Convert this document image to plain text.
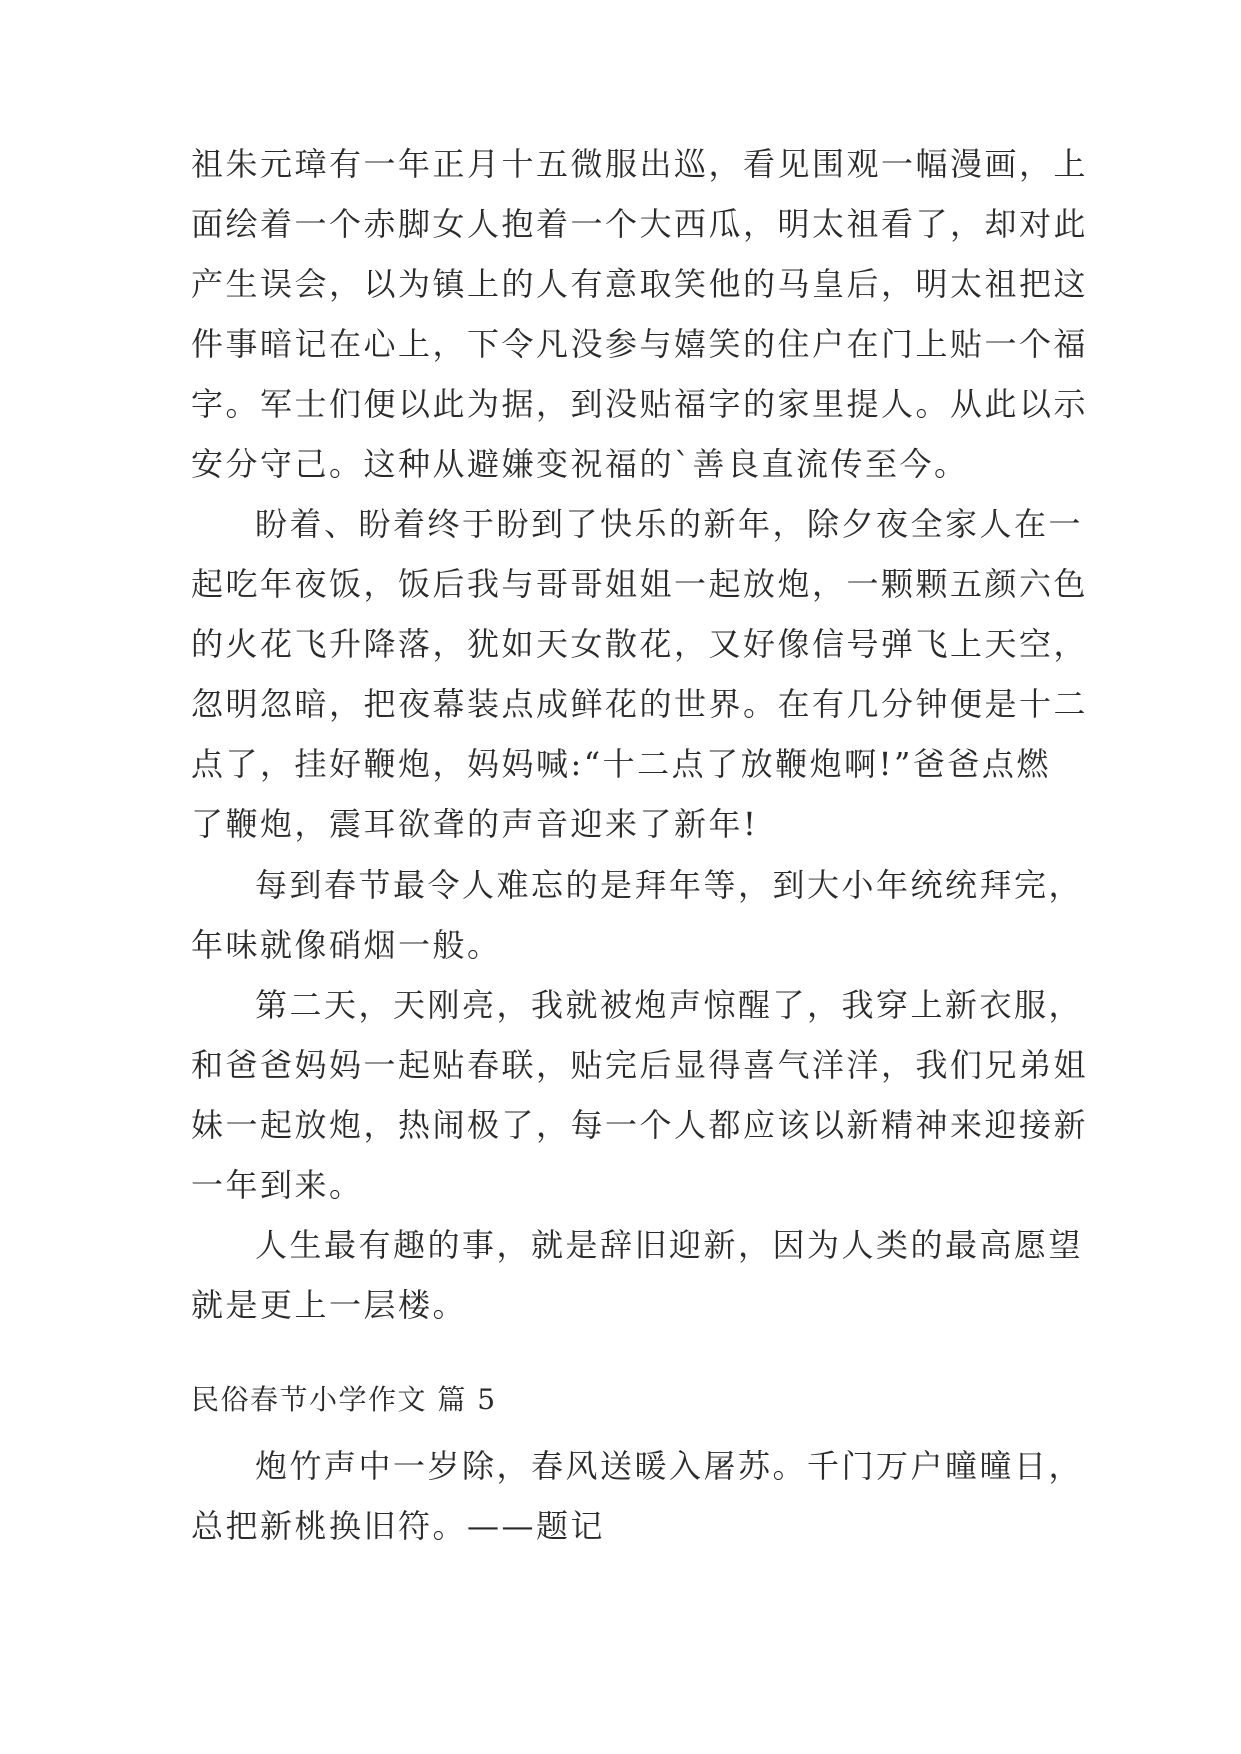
祖朱元璋有一年正月十五微服出巡，看见围观一幅漫画，上
面绘着一个赤脚女人抱着一个大西瓜，明太祖看了，却对此
产生误会，以为镇上的人有意取笑他的马皇后，明太祖把这
件事暗记在心上，下令凡没参与嬉笑的住户在门上贴一个福
字。军士们便以此为据，到没贴福字的家里提人。从此以示
安分守己。这种从避嫌变祝福的`善良直流传至今。
盼着、盼着终于盼到了快乐的新年，除夕夜全家人在一
起吃年夜饭，饭后我与哥哥姐姐一起放炮，一颗颗五颜六色
的火花飞升降落，犹如天女散花，又好像信号弹飞上天空，
忽明忽暗，把夜幕装点成鲜花的世界。在有几分钟便是十二
点了，挂好鞭炮，妈妈喊:“十二点了放鞭炮啊!”爸爸点燃
了鞭炮，震耳欲聋的声音迎来了新年!
每到春节最令人难忘的是拜年等，到大小年统统拜完，
年味就像硝烟一般。
第二天，天刚亮，我就被炮声惊醒了，我穿上新衣服，
和爸爸妈妈一起贴春联，贴完后显得喜气洋洋，我们兄弟姐
妹一起放炮，热闹极了，每一个人都应该以新精神来迎接新
一年到来。
人生最有趣的事，就是辞旧迎新，因为人类的最高愿望
就是更上一层楼。
民俗春节小学作文 篇 5
炮竹声中一岁除，春风送暖入屠苏。千门万户曈曈日，
总把新桃换旧符。——题记
